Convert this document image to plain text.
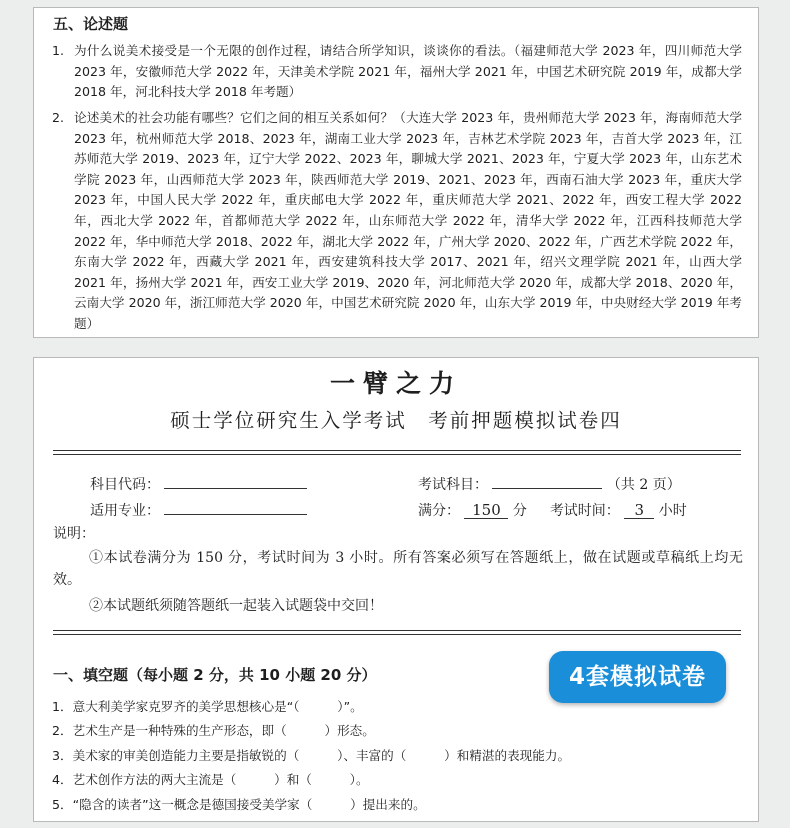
五、论述题
1. 为什么说美术接受是一个无限的创作过程，请结合所学知识，谈谈你的看法。（福建师范大学 2023 年，四川师范大学 2023 年，安徽师范大学 2022 年，天津美术学院 2021 年，福州大学 2021 年，中国艺术研究院 2019 年，成都大学 2018 年，河北科技大学 2018 年考题）
2. 论述美术的社会功能有哪些？它们之间的相互关系如何？（大连大学 2023 年，贵州师范大学 2023 年，海南师范大学 2023 年，杭州师范大学 2018、2023 年，湖南工业大学 2023 年，吉林艺术学院 2023 年，吉首大学 2023 年，江苏师范大学 2019、2023 年，辽宁大学 2022、2023 年，聊城大学 2021、2023 年，宁夏大学 2023 年，山东艺术学院 2023 年，山西师范大学 2023 年，陕西师范大学 2019、2021、2023 年，西南石油大学 2023 年，重庆大学 2023 年，中国人民大学 2022 年，重庆邮电大学 2022 年，重庆师范大学 2021、2022 年，西安工程大学 2022 年，西北大学 2022 年，首都师范大学 2022 年，山东师范大学 2022 年，清华大学 2022 年，江西科技师范大学 2022 年，华中师范大学 2018、2022 年，湖北大学 2022 年，广州大学 2020、2022 年，广西艺术学院 2022 年，东南大学 2022 年，西藏大学 2021 年，西安建筑科技大学 2017、2021 年，绍兴文理学院 2021 年，山西大学 2021 年，扬州大学 2021 年，西安工业大学 2019、2020 年，河北师范大学 2020 年，成都大学 2018、2020 年，云南大学 2020 年，浙江师范大学 2020 年，中国艺术研究院 2020 年，山东大学 2019 年，中央财经大学 2019 年考题）
一臂之力
硕士学位研究生入学考试　考前押题模拟试卷四
科目代码：	考试科目：	（共 2 页）
适用专业：	满分： 150 分 考试时间： 3 小时
说明：
①本试卷满分为 150 分，考试时间为 3 小时。所有答案必须写在答题纸上，做在试题或草稿纸上均无效。
②本试题纸须随答题纸一起装入试题袋中交回！
一、填空题（每小题 2 分，共 10 小题 20 分）
1．意大利美学家克罗齐的美学思想核心是“（　　　）”。
2．艺术生产是一种特殊的生产形态，即（　　　）形态。
3．美术家的审美创造能力主要是指敏锐的（　　　）、丰富的（　　　）和精湛的表现能力。
4．艺术创作方法的两大主流是（　　　）和（　　　）。
5．“隐含的读者”这一概念是德国接受美学家（　　　）提出来的。
4套模拟试卷
